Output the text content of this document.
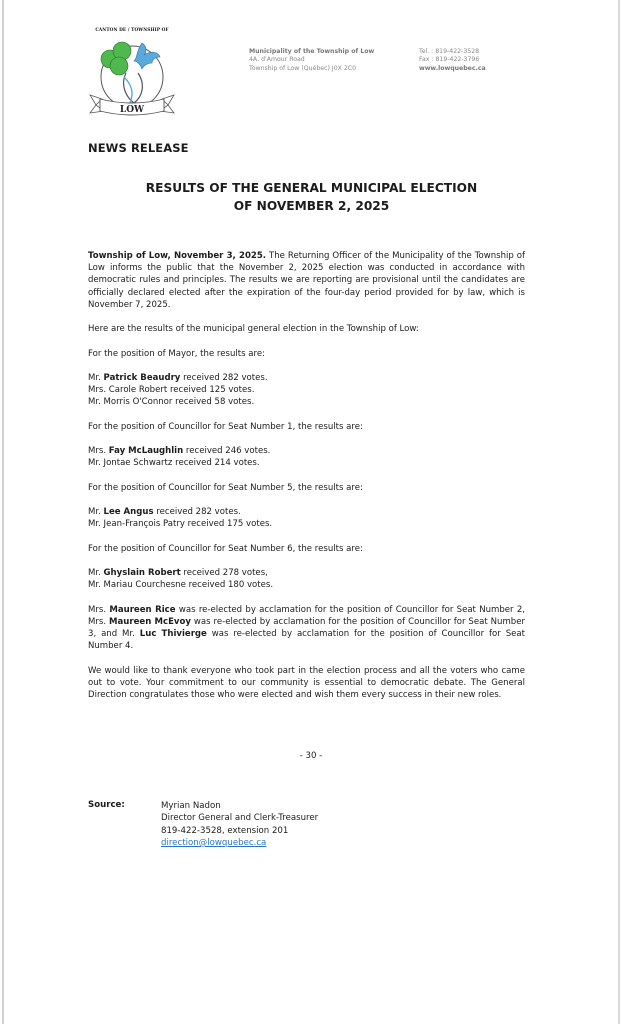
CANTON DE / TOWNSHIP OF
LOW
Municipality of the Township of Low
4A, d'Amour Road
Township of Low (Québec) J0X 2C0
Tel. : 819-422-3528
Fax : 819-422-3796
www.lowquebec.ca
NEWS RELEASE
RESULTS OF THE GENERAL MUNICIPAL ELECTION
OF NOVEMBER 2, 2025

Township of Low, November 3, 2025. The Returning Officer of the Municipality of the Township of Low informs the public that the November 2, 2025 election was conducted in accordance with democratic rules and principles. The results we are reporting are provisional until the candidates are officially declared elected after the expiration of the four-day period provided for by law, which is November 7, 2025.

Here are the results of the municipal general election in the Township of Low:

For the position of Mayor, the results are:

Mr. Patrick Beaudry received 282 votes.
Mrs. Carole Robert received 125 votes.
Mr. Morris O'Connor received 58 votes.

For the position of Councillor for Seat Number 1, the results are:

Mrs. Fay McLaughlin received 246 votes.
Mr. Jontae Schwartz received 214 votes.

For the position of Councillor for Seat Number 5, the results are:

Mr. Lee Angus received 282 votes.
Mr. Jean-François Patry received 175 votes.

For the position of Councillor for Seat Number 6, the results are:

Mr. Ghyslain Robert received 278 votes,
Mr. Mariau Courchesne received 180 votes.

Mrs. Maureen Rice was re-elected by acclamation for the position of Councillor for Seat Number 2, Mrs. Maureen McEvoy was re-elected by acclamation for the position of Councillor for Seat Number 3, and Mr. Luc Thivierge was re-elected by acclamation for the position of Councillor for Seat Number 4.

We would like to thank everyone who took part in the election process and all the voters who came out to vote. Your commitment to our community is essential to democratic debate. The General Direction congratulates those who were elected and wish them every success in their new roles.

- 30 -
Source:	Myrian Nadon
Director General and Clerk-Treasurer
819-422-3528, extension 201
direction@lowquebec.ca
